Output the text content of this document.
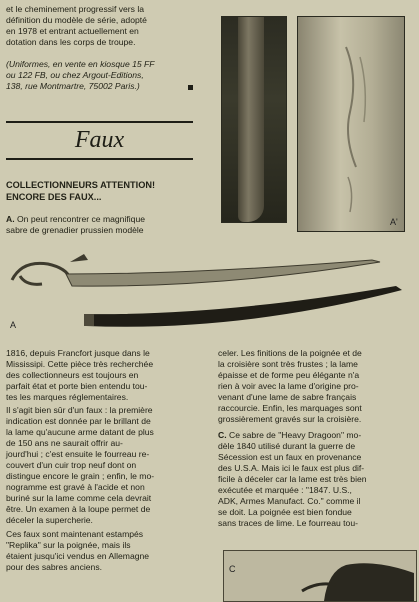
et le cheminement progressif vers la
définition du modèle de série, adopté
en 1978 et entrant actuellement en
dotation dans les corps de troupe.
(Uniformes, en vente en kiosque 15 FF
ou 122 FB, ou chez Argout-Editions,
138, rue Montmartre, 75002 Paris.)
Faux
COLLECTIONNEURS ATTENTION!
ENCORE DES FAUX...
A. On peut rencontrer ce magnifique
sabre de grenadier prussien modèle
A'
A
1816, depuis Francfort jusque dans le
Mississipi. Cette pièce très recherchée
des collectionneurs est toujours en
parfait état et porte bien entendu tou-
tes les marques réglementaires.
Il s'agit bien sûr d'un faux : la première
indication est donnée par le brillant de
la lame qu'aucune arme datant de plus
de 150 ans ne saurait offrir au-
jourd'hui ; c'est ensuite le fourreau re-
couvert d'un cuir trop neuf dont on
distingue encore le grain ; enfin, le mo-
nogramme est gravé à l'acide et non
buriné sur la lame comme cela devrait
être. Un examen à la loupe permet de
déceler la supercherie.
Ces faux sont maintenant estampés
"Replika" sur la poignée, mais ils
étaient jusqu'ici vendus en Allemagne
pour des sabres anciens.
celer. Les finitions de la poignée et de
la croisière sont très frustes ; la lame
épaisse et de forme peu élégante n'a
rien à voir avec la lame d'origine pro-
venant d'une lame de sabre français
raccourcie. Enfin, les marquages sont
grossièrement gravés sur la croisière.
C. Ce sabre de "Heavy Dragoon" mo-
dèle 1840 utilisé durant la guerre de
Sécession est un faux en provenance
des U.S.A. Mais ici le faux est plus dif-
ficile à déceler car la lame est très bien
exécutée et marquée : "1847. U.S.,
ADK, Armes Manufact. Co." comme il
se doit. La poignée est bien fondue
sans traces de lime. Le fourreau tou-
C
